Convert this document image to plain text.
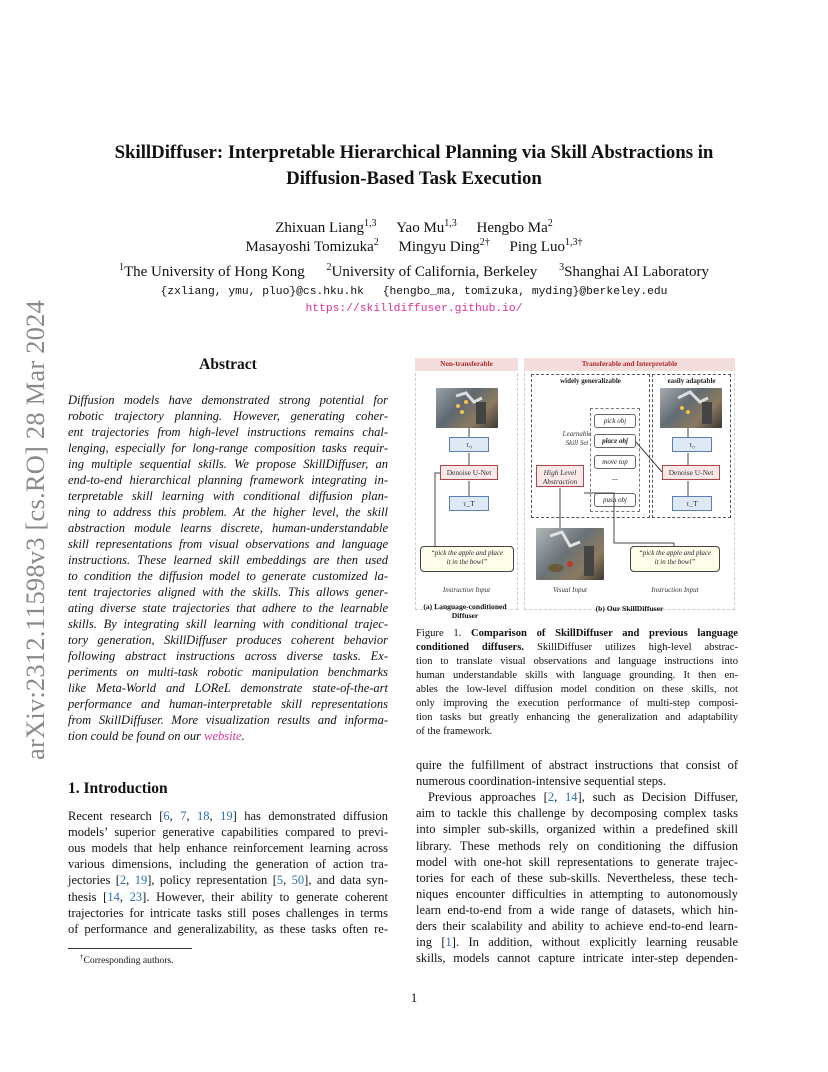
arXiv:2312.11598v3 [cs.RO] 28 Mar 2024
SkillDiffuser: Interpretable Hierarchical Planning via Skill Abstractions in
Diffusion-Based Task Execution
Zhixuan Liang$^{1,3}$ Yao Mu$^{1,3}$ Hengbo Ma$^2$
Masayoshi Tomizuka$^2$ Mingyu Ding$^{2\dagger}$ Ping Luo$^{1,3\dagger}$
$^1$The University of Hong Kong $^2$University of California, Berkeley $^3$Shanghai AI Laboratory
{zxliang, ymu, pluo}@cs.hku.hk {hengbo_ma, tomizuka, myding}@berkeley.edu
https://skilldiffuser.github.io/
Abstract
Diffusion models have demonstrated strong potential for
robotic trajectory planning. However, generating coher-
ent trajectories from high-level instructions remains chal-
lenging, especially for long-range composition tasks requir-
ing multiple sequential skills. We propose SkillDiffuser, an
end-to-end hierarchical planning framework integrating in-
terpretable skill learning with conditional diffusion plan-
ning to address this problem. At the higher level, the skill
abstraction module learns discrete, human-understandable
skill representations from visual observations and language
instructions. These learned skill embeddings are then used
to condition the diffusion model to generate customized la-
tent trajectories aligned with the skills. This allows gener-
ating diverse state trajectories that adhere to the learnable
skills. By integrating skill learning with conditional trajec-
tory generation, SkillDiffuser produces coherent behavior
following abstract instructions across diverse tasks. Ex-
periments on multi-task robotic manipulation benchmarks
like Meta-World and LOReL demonstrate state-of-the-art
performance and human-interpretable skill representations
from SkillDiffuser. More visualization results and informa-
tion could be found on our website.
1. Introduction
Recent research [6, 7, 18, 19] has demonstrated diffusion
models’ superior generative capabilities compared to previ-
ous models that help enhance reinforcement learning across
various dimensions, including the generation of action tra-
jectories [2, 19], policy representation [5, 50], and data syn-
thesis [14, 23]. However, their ability to generate coherent
trajectories for intricate tasks still poses challenges in terms
of performance and generalizability, as these tasks often re-
†Corresponding authors.
1
Non-transferable
τ₀
Denoise U-Net
τ_T
“pick the apple and place
it in the bowl”
Instruction Input
(a) Language-conditioned
Diffuser
Transferable and Interpretable
widely generalizable	easily adaptable
pick obj
place obj
move top
...
push obj
Learnable
Skill Set
High Level
Abstraction
τ₀
Denoise U-Net
τ_T
“pick the apple and place
it in the bowl”
Visual Input	Instruction Input
(b) Our SkillDiffuser
Figure 1. Comparison of SkillDiffuser and previous language
conditioned diffusers. SkillDiffuser utilizes high-level abstrac-
tion to translate visual observations and language instructions into
human understandable skills with language grounding. It then en-
ables the low-level diffusion model condition on these skills, not
only improving the execution performance of multi-step composi-
tion tasks but greatly enhancing the generalization and adaptability
of the framework.
quire the fulfillment of abstract instructions that consist of
numerous coordination-intensive sequential steps.
Previous approaches [2, 14], such as Decision Diffuser,
aim to tackle this challenge by decomposing complex tasks
into simpler sub-skills, organized within a predefined skill
library. These methods rely on conditioning the diffusion
model with one-hot skill representations to generate trajec-
tories for each of these sub-skills. Nevertheless, these tech-
niques encounter difficulties in attempting to autonomously
learn end-to-end from a wide range of datasets, which hin-
ders their scalability and ability to achieve end-to-end learn-
ing [1]. In addition, without explicitly learning reusable
skills, models cannot capture intricate inter-step dependen-
